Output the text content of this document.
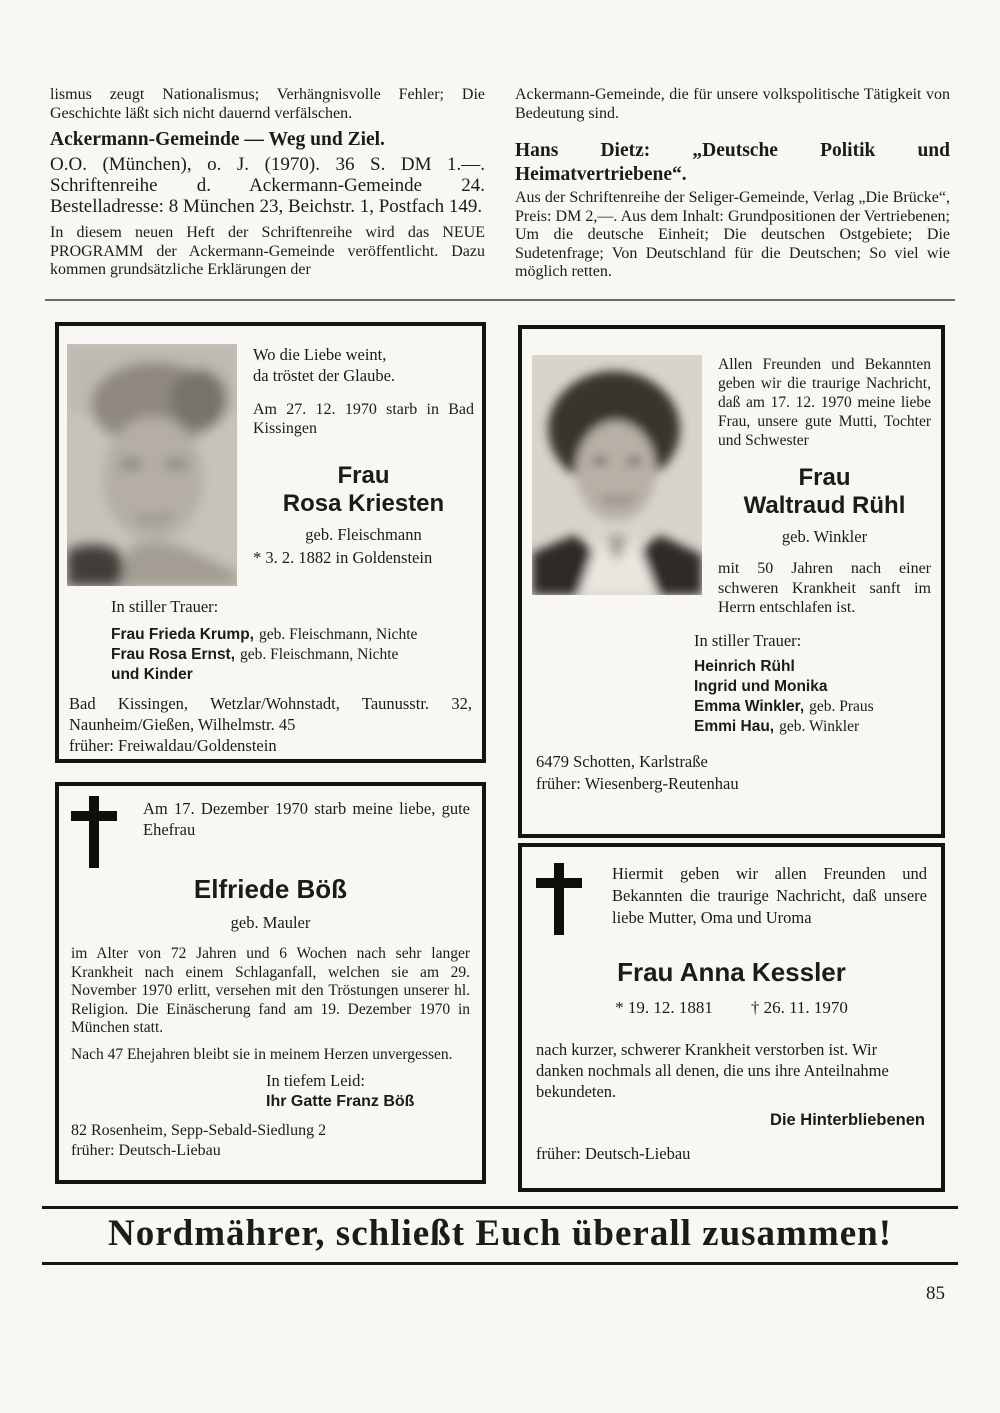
lismus zeugt Nationalismus; Verhängnisvolle Fehler; Die Geschichte läßt sich nicht dauernd verfälschen.

Ackermann-Gemeinde — Weg und Ziel.

O.O. (München), o. J. (1970). 36 S. DM 1.—. Schriftenreihe d. Ackermann-Gemeinde 24. Bestelladresse: 8 München 23, Beichstr. 1, Postfach 149.

In diesem neuen Heft der Schriftenreihe wird das NEUE PROGRAMM der Ackermann-Gemeinde veröffentlicht. Dazu kommen grundsätzliche Erklärungen der

Ackermann-Gemeinde, die für unsere volkspolitische Tätigkeit von Bedeutung sind.

Hans Dietz: „Deutsche Politik und Heimatvertriebene“.

Aus der Schriftenreihe der Seliger-Gemeinde, Verlag „Die Brücke“, Preis: DM 2,—. Aus dem Inhalt: Grundpositionen der Vertriebenen; Um die deutsche Einheit; Die deutschen Ostgebiete; Die Sudetenfrage; Von Deutschland für die Deutschen; So viel wie möglich retten.

Wo die Liebe weint,
da tröstet der Glaube.
Am 27. 12. 1970 starb in Bad Kissingen
Frau
Rosa Kriesten
geb. Fleischmann
* 3. 2. 1882 in Goldenstein
In stiller Trauer:
Frau Frieda Krump, geb. Fleischmann, Nichte
Frau Rosa Ernst, geb. Fleischmann, Nichte
und Kinder
Bad Kissingen, Wetzlar/Wohnstadt, Taunusstr. 32, Naunheim/Gießen, Wilhelmstr. 45
früher: Freiwaldau/Goldenstein
Allen Freunden und Bekannten geben wir die traurige Nachricht, daß am 17. 12. 1970 meine liebe Frau, unsere gute Mutti, Tochter und Schwester
Frau
Waltraud Rühl
geb. Winkler
mit 50 Jahren nach einer schweren Krankheit sanft im Herrn entschlafen ist.
In stiller Trauer:
Heinrich Rühl
Ingrid und Monika
Emma Winkler, geb. Praus
Emmi Hau, geb. Winkler
6479 Schotten, Karlstraße
früher: Wiesenberg-Reutenhau
Am 17. Dezember 1970 starb meine liebe, gute Ehefrau
Elfriede Böß
geb. Mauler
im Alter von 72 Jahren und 6 Wochen nach sehr langer Krankheit nach einem Schlaganfall, welchen sie am 29. November 1970 erlitt, versehen mit den Tröstungen unserer hl. Religion. Die Einäscherung fand am 19. Dezember 1970 in München statt.
Nach 47 Ehejahren bleibt sie in meinem Herzen unvergessen.
In tiefem Leid:
Ihr Gatte Franz Böß
82 Rosenheim, Sepp-Sebald-Siedlung 2
früher: Deutsch-Liebau
Hiermit geben wir allen Freunden und Bekannten die traurige Nachricht, daß unsere liebe Mutter, Oma und Uroma
Frau Anna Kessler
* 19. 12. 1881 † 26. 11. 1970
nach kurzer, schwerer Krankheit verstorben ist. Wir danken nochmals all denen, die uns ihre Anteilnahme bekundeten.
Die Hinterbliebenen
früher: Deutsch-Liebau
Nordmährer, schließt Euch überall zusammen!
85
